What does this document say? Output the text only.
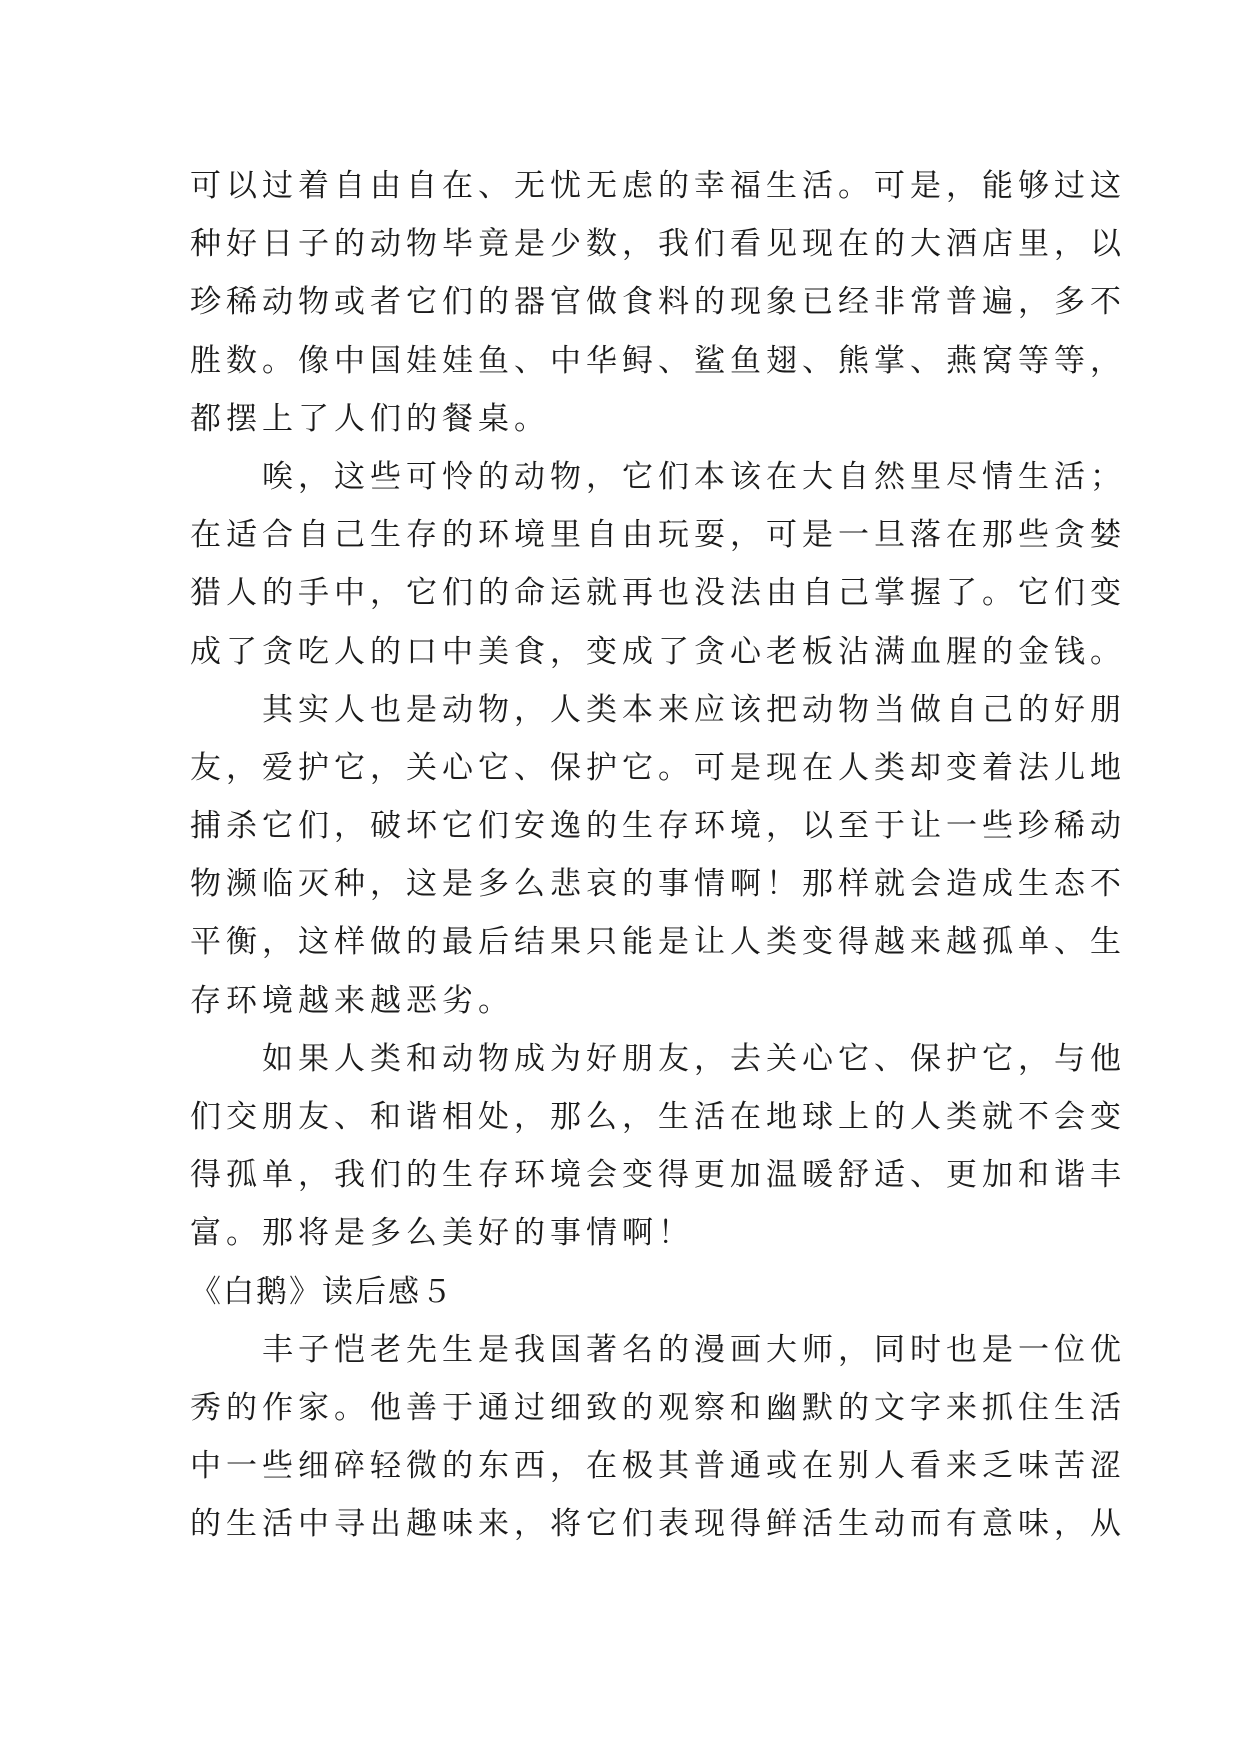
可以过着自由自在、无忧无虑的幸福生活。可是，能够过这
种好日子的动物毕竟是少数，我们看见现在的大酒店里，以
珍稀动物或者它们的器官做食料的现象已经非常普遍，多不
胜数。像中国娃娃鱼、中华鲟、鲨鱼翅、熊掌、燕窝等等，
都摆上了人们的餐桌。
唉，这些可怜的动物，它们本该在大自然里尽情生活；
在适合自己生存的环境里自由玩耍，可是一旦落在那些贪婪
猎人的手中，它们的命运就再也没法由自己掌握了。它们变
成了贪吃人的口中美食，变成了贪心老板沾满血腥的金钱。
其实人也是动物，人类本来应该把动物当做自己的好朋
友，爱护它，关心它、保护它。可是现在人类却变着法儿地
捕杀它们，破坏它们安逸的生存环境，以至于让一些珍稀动
物濒临灭种，这是多么悲哀的事情啊！那样就会造成生态不
平衡，这样做的最后结果只能是让人类变得越来越孤单、生
存环境越来越恶劣。
如果人类和动物成为好朋友，去关心它、保护它，与他
们交朋友、和谐相处，那么，生活在地球上的人类就不会变
得孤单，我们的生存环境会变得更加温暖舒适、更加和谐丰
富。那将是多么美好的事情啊！
《白鹅》读后感５
丰子恺老先生是我国著名的漫画大师，同时也是一位优
秀的作家。他善于通过细致的观察和幽默的文字来抓住生活
中一些细碎轻微的东西，在极其普通或在别人看来乏味苦涩
的生活中寻出趣味来，将它们表现得鲜活生动而有意味，从
